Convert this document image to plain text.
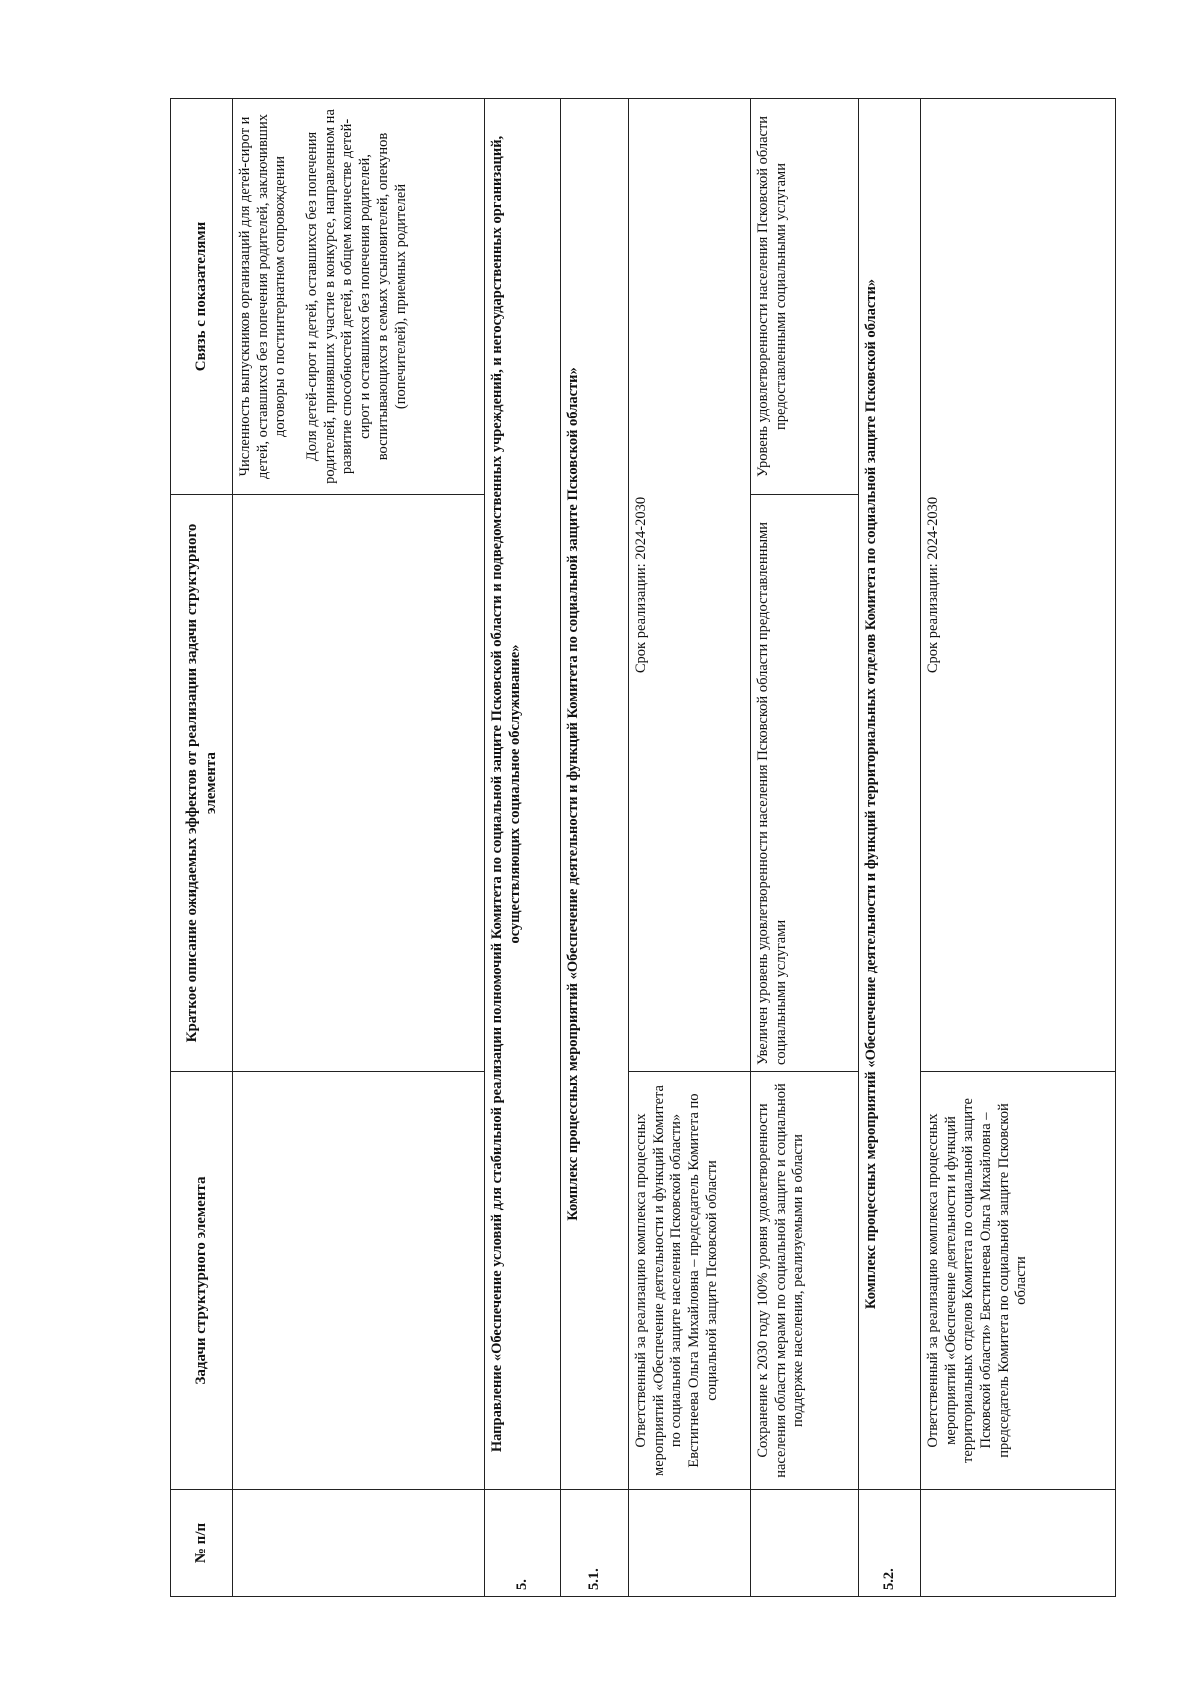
№ п/п	Задачи структурного элемента	Краткое описание ожидаемых эффектов от реализации задачи структурного элемента	Связь с показателями

			Численность выпускников организаций для детей-сирот и детей, оставшихся без попечения родителей, заключивших договоры о постинтернатном сопровождении Доля детей-сирот и детей, оставшихся без попечения родителей, принявших участие в конкурсе, направленном на развитие способностей детей, в общем количестве детей-сирот и оставшихся без попечения родителей, воспитывающихся в семьях усыновителей, опекунов (попечителей), приемных родителей

5.	Направление «Обеспечение условий для стабильной реализации полномочий Комитета по социальной защите Псковской области и подведомственных учреждений, и негосударственных организаций, осуществляющих социальное обслуживание»		
5.1.	Комплекс процессных мероприятий «Обеспечение деятельности и функций Комитета по социальной защите Псковской области»		
	Ответственный за реализацию комплекса процессных мероприятий «Обеспечение деятельности и функций Комитета по социальной защите населения Псковской области» Евстигнеева Ольга Михайловна – председатель Комитета по социальной защите Псковской области	Срок реализации: 2024-2030	
	Сохранение к 2030 году 100% уровня удовлетворенности населения области мерами по социальной защите и социальной поддержке населения, реализуемыми в области	Увеличен уровень удовлетворенности населения Псковской области предоставленными социальными услугами	Уровень удовлетворенности населения Псковской области предоставленными социальными услугами
5.2.	Комплекс процессных мероприятий «Обеспечение деятельности и функций территориальных отделов Комитета по социальной защите Псковской области»		
	Ответственный за реализацию комплекса процессных мероприятий «Обеспечение деятельности и функций территориальных отделов Комитета по социальной защите Псковской области» Евстигнеева Ольга Михайловна – председатель Комитета по социальной защите Псковской области	Срок реализации: 2024-2030	
